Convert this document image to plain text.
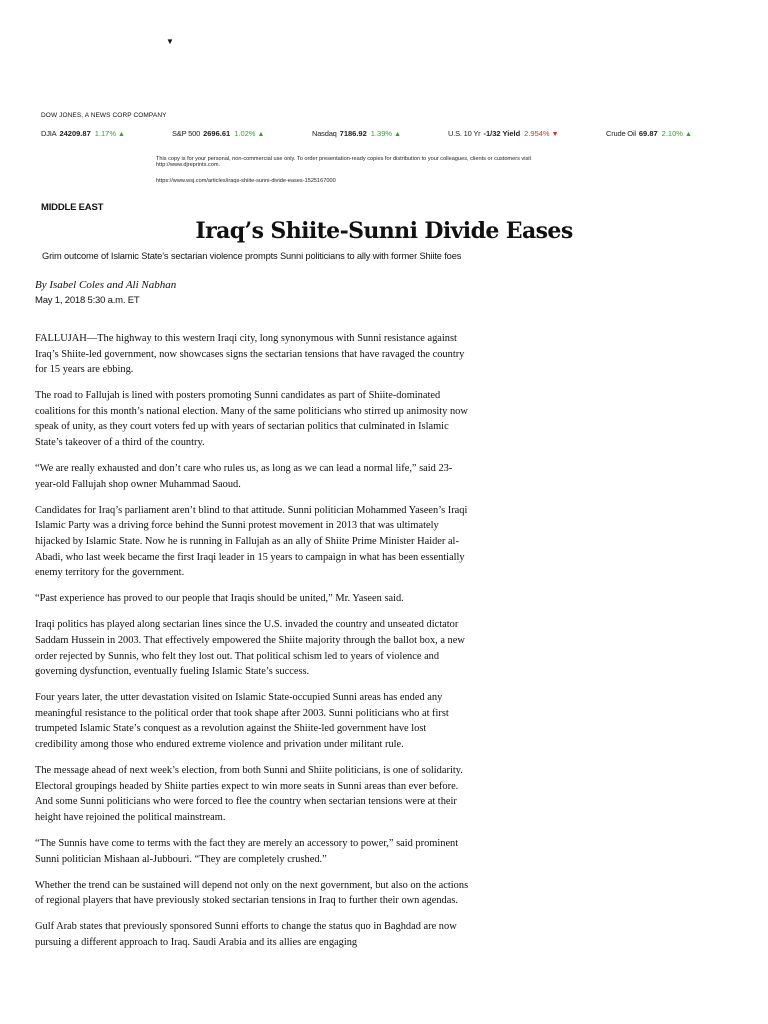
▼
DOW JONES, A NEWS CORP COMPANY
DJIA 24209.87 1.17% ▲	S&P 500 2696.61 1.02% ▲	Nasdaq 7186.92 1.39% ▲	U.S. 10 Yr -1/32 Yield 2.954% ▼	Crude Oil 69.87 2.10% ▲
This copy is for your personal, non-commercial use only. To order presentation-ready copies for distribution to your colleagues, clients or customers visit http://www.djreprints.com.
https://www.wsj.com/articles/iraqs-shiite-sunni-divide-eases-1525167000
MIDDLE EAST
Iraq’s Shiite-Sunni Divide Eases
Grim outcome of Islamic State’s sectarian violence prompts Sunni politicians to ally with former Shiite foes
By Isabel Coles and Ali Nabhan
May 1, 2018 5:30 a.m. ET

FALLUJAH—The highway to this western Iraqi city, long synonymous with Sunni resistance against Iraq’s Shiite-led government, now showcases signs the sectarian tensions that have ravaged the country for 15 years are ebbing.

The road to Fallujah is lined with posters promoting Sunni candidates as part of Shiite-dominated coalitions for this month’s national election. Many of the same politicians who stirred up animosity now speak of unity, as they court voters fed up with years of sectarian politics that culminated in Islamic State’s takeover of a third of the country.

“We are really exhausted and don’t care who rules us, as long as we can lead a normal life,” said 23-year-old Fallujah shop owner Muhammad Saoud.

Candidates for Iraq’s parliament aren’t blind to that attitude. Sunni politician Mohammed Yaseen’s Iraqi Islamic Party was a driving force behind the Sunni protest movement in 2013 that was ultimately hijacked by Islamic State. Now he is running in Fallujah as an ally of Shiite Prime Minister Haider al-Abadi, who last week became the first Iraqi leader in 15 years to campaign in what has been essentially enemy territory for the government.

“Past experience has proved to our people that Iraqis should be united,” Mr. Yaseen said.

Iraqi politics has played along sectarian lines since the U.S. invaded the country and unseated dictator Saddam Hussein in 2003. That effectively empowered the Shiite majority through the ballot box, a new order rejected by Sunnis, who felt they lost out. That political schism led to years of violence and governing dysfunction, eventually fueling Islamic State’s success.

Four years later, the utter devastation visited on Islamic State-occupied Sunni areas has ended any meaningful resistance to the political order that took shape after 2003. Sunni politicians who at first trumpeted Islamic State’s conquest as a revolution against the Shiite-led government have lost credibility among those who endured extreme violence and privation under militant rule.

The message ahead of next week’s election, from both Sunni and Shiite politicians, is one of solidarity. Electoral groupings headed by Shiite parties expect to win more seats in Sunni areas than ever before. And some Sunni politicians who were forced to flee the country when sectarian tensions were at their height have rejoined the political mainstream.

“The Sunnis have come to terms with the fact they are merely an accessory to power,” said prominent Sunni politician Mishaan al-Jubbouri. “They are completely crushed.”

Whether the trend can be sustained will depend not only on the next government, but also on the actions of regional players that have previously stoked sectarian tensions in Iraq to further their own agendas.

Gulf Arab states that previously sponsored Sunni efforts to change the status quo in Baghdad are now pursuing a different approach to Iraq. Saudi Arabia and its allies are engaging
